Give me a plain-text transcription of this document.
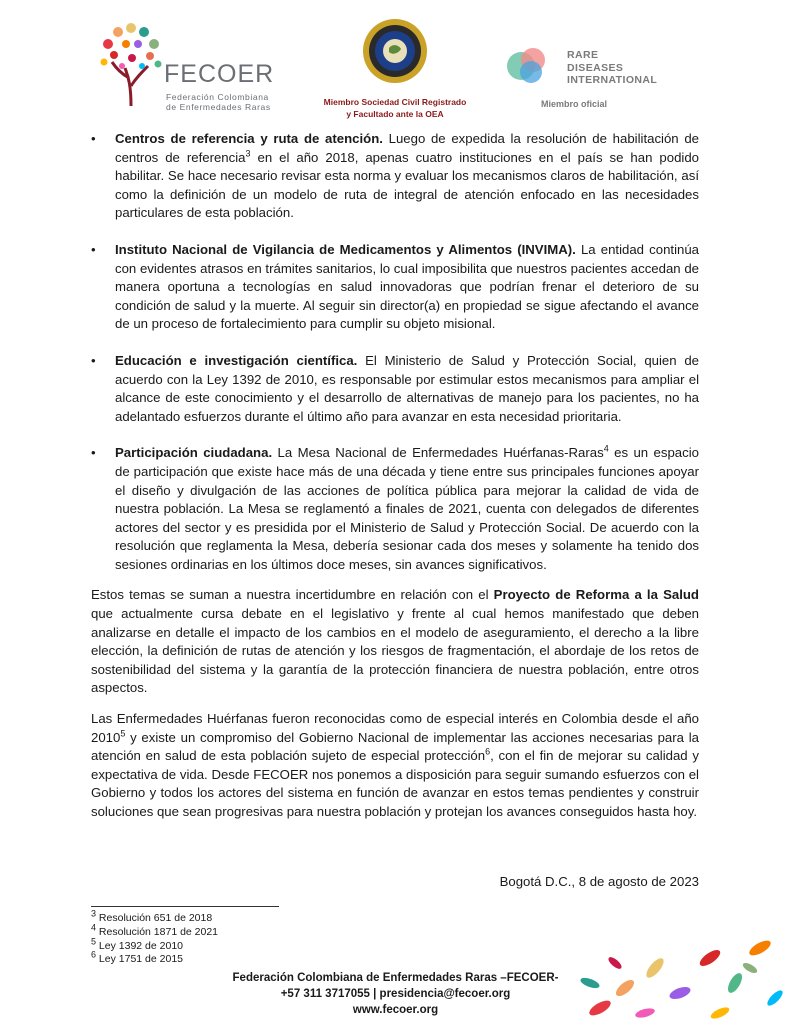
FECOER
Federación Colombiana
de Enfermedades Raras	Miembro Sociedad Civil Registrado
y Facultado ante la OEA
RARE
DISEASES
INTERNATIONAL
Miembro oficial
• Centros de referencia y ruta de atención. Luego de expedida la resolución de habilitación de centros de referencia$^3$ en el año 2018, apenas cuatro instituciones en el país se han podido habilitar. Se hace necesario revisar esta norma y evaluar los mecanismos claros de habilitación, así como la definición de un modelo de ruta de integral de atención enfocado en las necesidades particulares de esta población.
• Instituto Nacional de Vigilancia de Medicamentos y Alimentos (INVIMA). La entidad continúa con evidentes atrasos en trámites sanitarios, lo cual imposibilita que nuestros pacientes accedan de manera oportuna a tecnologías en salud innovadoras que podrían frenar el deterioro de su condición de salud y la muerte. Al seguir sin director(a) en propiedad se sigue afectando el avance de un proceso de fortalecimiento para cumplir su objeto misional.
• Educación e investigación científica. El Ministerio de Salud y Protección Social, quien de acuerdo con la Ley 1392 de 2010, es responsable por estimular estos mecanismos para ampliar el alcance de este conocimiento y el desarrollo de alternativas de manejo para los pacientes, no ha adelantado esfuerzos durante el último año para avanzar en esta necesidad prioritaria.
• Participación ciudadana. La Mesa Nacional de Enfermedades Huérfanas-Raras$^4$ es un espacio de participación que existe hace más de una década y tiene entre sus principales funciones apoyar el diseño y divulgación de las acciones de política pública para mejorar la calidad de vida de nuestra población. La Mesa se reglamentó a finales de 2021, cuenta con delegados de diferentes actores del sector y es presidida por el Ministerio de Salud y Protección Social. De acuerdo con la resolución que reglamenta la Mesa, debería sesionar cada dos meses y solamente ha tenido dos sesiones ordinarias en los últimos doce meses, sin avances significativos.

Estos temas se suman a nuestra incertidumbre en relación con el Proyecto de Reforma a la Salud que actualmente cursa debate en el legislativo y frente al cual hemos manifestado que deben analizarse en detalle el impacto de los cambios en el modelo de aseguramiento, el derecho a la libre elección, la definición de rutas de atención y los riesgos de fragmentación, el abordaje de los retos de sostenibilidad del sistema y la garantía de la protección financiera de nuestra población, entre otros aspectos.

Las Enfermedades Huérfanas fueron reconocidas como de especial interés en Colombia desde el año 2010$^5$ y existe un compromiso del Gobierno Nacional de implementar las acciones necesarias para la atención en salud de esta población sujeto de especial protección$^6$, con el fin de mejorar su calidad y expectativa de vida. Desde FECOER nos ponemos a disposición para seguir sumando esfuerzos con el Gobierno y todos los actores del sistema en función de avanzar en estos temas pendientes y construir soluciones que sean progresivas para nuestra población y protejan los avances conseguidos hasta hoy.

Bogotá D.C., 8 de agosto de 2023
$^3$ Resolución 651 de 2018
$^4$ Resolución 1871 de 2021
$^5$ Ley 1392 de 2010
$^6$ Ley 1751 de 2015
Federación Colombiana de Enfermedades Raras –FECOER-
+57 311 3717055 | presidencia@fecoer.org
www.fecoer.org
